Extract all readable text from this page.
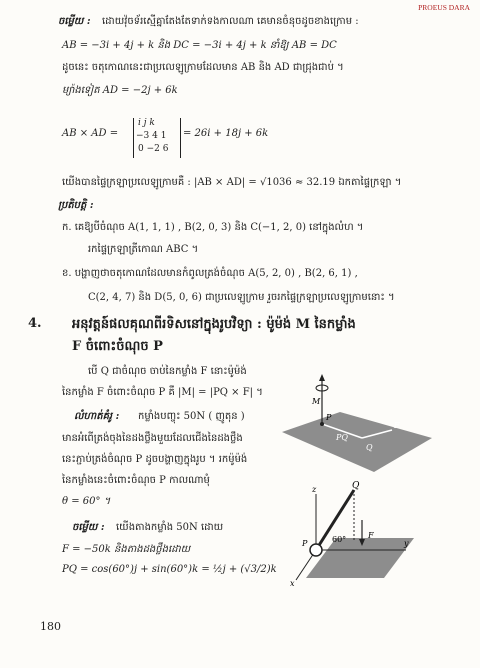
PROEUS DARA
ចម្លើយ : ដោយវ៉ុចទ័រស្មើគ្នាតែងតែទាក់ទងកាលណា គេមានចំនុចដូចខាងក្រោម :
AB = −3i + 4j + k និង DC = −3i + 4j + k នាំឱ្យ AB = DC
ដូចនេះ ចតុកោណនេះជាប្រលេឡូក្រាមដែលមាន AB និង AD ជាជ្រុងជាប់ ។
ម្យ៉ាងទៀត AD = −2j + 6k
AB × AD =
i j k
−3 4 1
0 −2 6
= 26i + 18j + 6k
យើងបានផ្ទៃក្រឡាប្រលេឡូក្រាមគឺ : |AB × AD| = √1036 ≈ 32.19 ឯកតាផ្ទៃក្រឡា ។
ប្រតិបត្តិ :
ក. គេឱ្យបីចំណុច A(1, 1, 1) , B(2, 0, 3) និង C(−1, 2, 0) នៅក្នុងលំហ ។
រកផ្ទៃក្រឡាត្រីកោណ ABC ។
ខ. បង្ហាញថាចតុកោណដែលមានកំពូលត្រង់ចំណុច A(5, 2, 0) , B(2, 6, 1) ,
C(2, 4, 7) និង D(5, 0, 6) ជាប្រលេឡូក្រាម រួចរកផ្ទៃក្រឡាប្រលេឡូក្រាមនោះ ។
4. អនុវត្តន៍ផលគុណពីរទិសនៅក្នុងរូបវិទ្យា : ម៉ូម៉ង់ M នៃកម្លាំង
F ចំពោះចំណុច P
បើ Q ជាចំណុច ចាប់នៃកម្លាំង F នោះម៉ូម៉ង់
នៃកម្លាំង F ចំពោះចំណុច P គឺ |M| = |PQ × F| ។
លំហាត់គំរូ : កម្លាំងបញ្ចុះ 50N ( ញូតុន )
មានអំពើត្រង់ចុងនៃដងថ្លឹងមួយដែលជើងនៃដងថ្លឹង
នេះភ្ជាប់ត្រង់ចំណុច P ដូចបង្ហាញក្នុងរូប ។ រកម៉ូម៉ង់
នៃកម្លាំងនេះចំពោះចំណុច P កាលណាមុំ
θ = 60° ។
ចម្លើយ : យើងតាងកម្លាំង 50N ដោយ
F = −50k និងតាងដងថ្លឹងដោយ
PQ = cos(60°)j + sin(60°)k = ½j + (√3/2)k
M
P
PQ
Q
F
z	Q
60°	F
P	y
x
180
